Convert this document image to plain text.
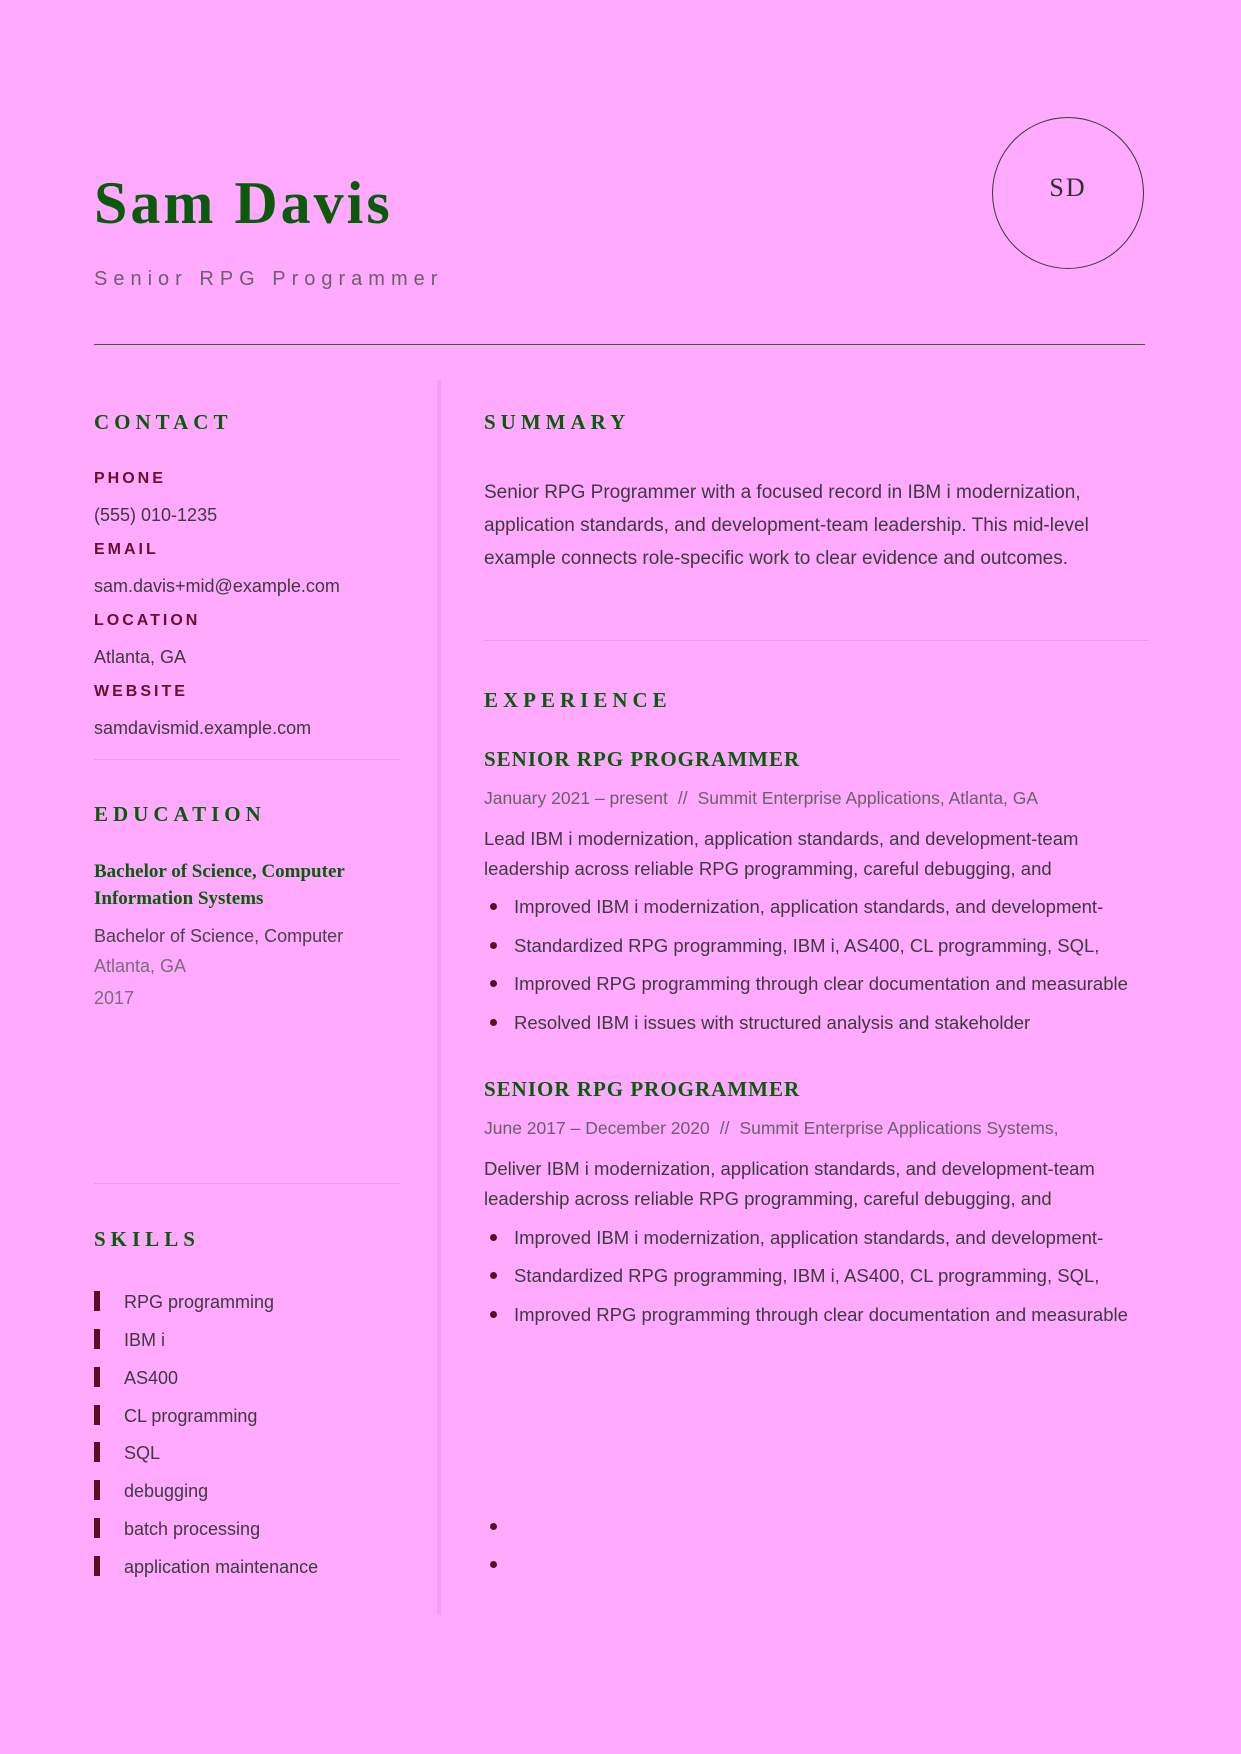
Sam Davis
Senior RPG Programmer
SD
CONTACT
PHONE
(555) 010-1235
EMAIL
sam.davis+mid@example.com
LOCATION
Atlanta, GA
WEBSITE
samdavismid.example.com
EDUCATION
Bachelor of Science, Computer Information Systems
Bachelor of Science, Computer
Atlanta, GA
2017
SKILLS
RPG programming
IBM i
AS400
CL programming
SQL
debugging
batch processing
application maintenance
SUMMARY
Senior RPG Programmer with a focused record in IBM i modernization, application standards, and development-team leadership. This mid-level example connects role-specific work to clear evidence and outcomes.
EXPERIENCE
SENIOR RPG PROGRAMMER
January 2021 – present // Summit Enterprise Applications, Atlanta, GA
Lead IBM i modernization, application standards, and development-team leadership across reliable RPG programming, careful debugging, and
Improved IBM i modernization, application standards, and development-
Standardized RPG programming, IBM i, AS400, CL programming, SQL,
Improved RPG programming through clear documentation and measurable
Resolved IBM i issues with structured analysis and stakeholder
SENIOR RPG PROGRAMMER
June 2017 – December 2020 // Summit Enterprise Applications Systems,
Deliver IBM i modernization, application standards, and development-team leadership across reliable RPG programming, careful debugging, and
Improved IBM i modernization, application standards, and development-
Standardized RPG programming, IBM i, AS400, CL programming, SQL,
Improved RPG programming through clear documentation and measurable
